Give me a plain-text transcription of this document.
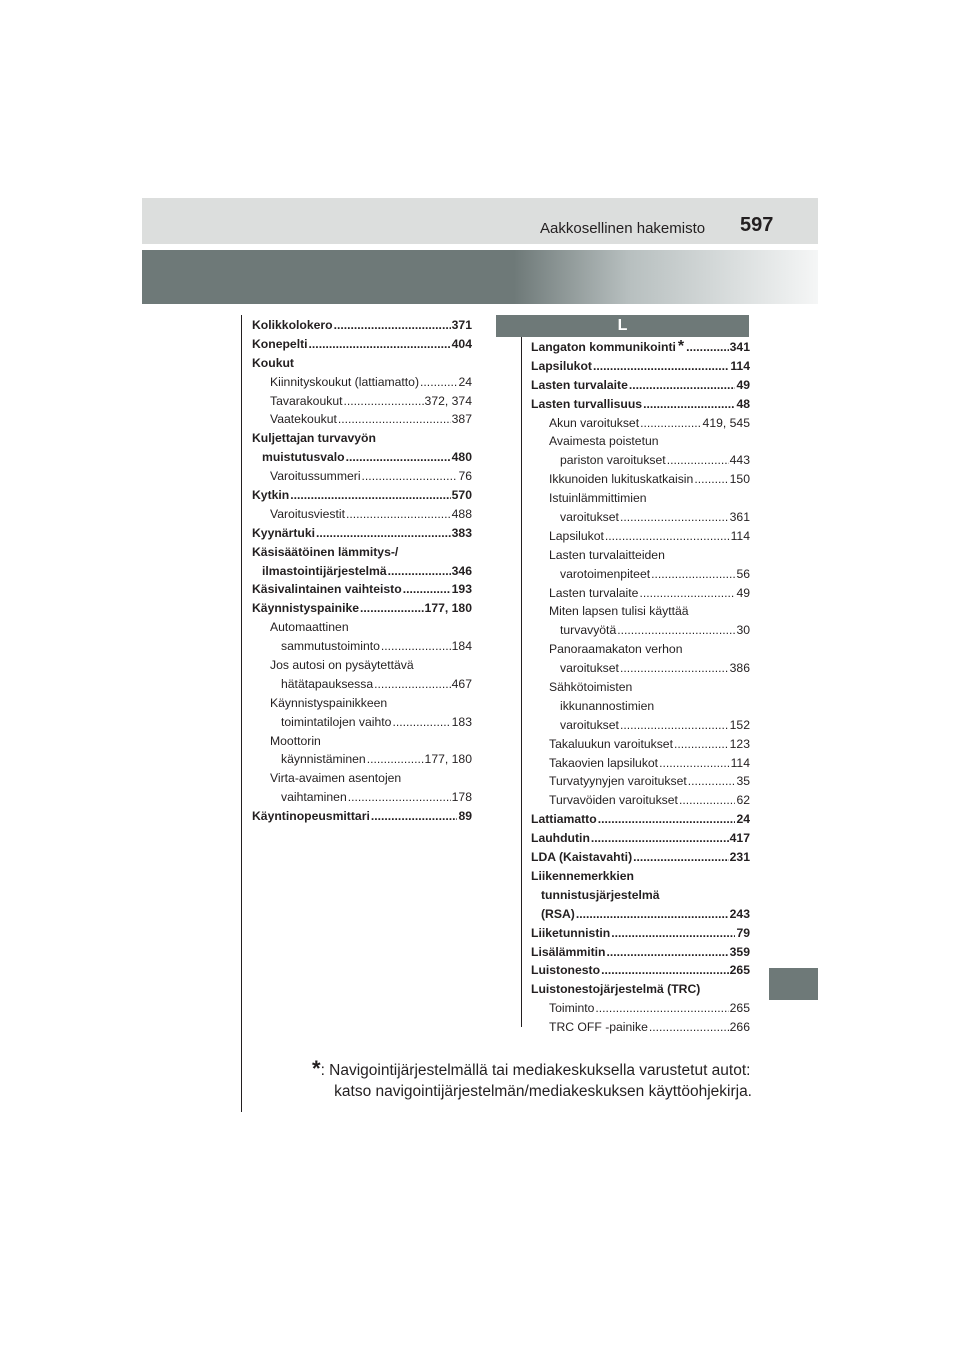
Aakkosellinen hakemisto 597
Kolikkolokero .....	371
Konepelti .....	404
Koukut
Kiinnityskoukut (lattiamatto) .....	24
Tavarakoukut .....	372, 374
Vaatekoukut .....	387
Kuljettajan turvavyön
muistutusvalo .....	480
Varoitussummeri .....	76
Kytkin .....	570
Varoitusviestit .....	488
Kyynärtuki .....	383
Käsisäätöinen lämmitys-/
ilmastointijärjestelmä .....	346
Käsivalintainen vaihteisto .....	193
Käynnistyspainike .....	177, 180
Automaattinen
sammutustoiminto .....	184
Jos autosi on pysäytettävä
hätätapauksessa .....	467
Käynnistyspainikkeen
toimintatilojen vaihto .....	183
Moottorin
käynnistäminen .....	177, 180
Virta-avaimen asentojen
vaihtaminen .....	178
Käyntinopeusmittari .....	89
L
Langaton kommunikointi * .....	341
Lapsilukot .....	114
Lasten turvalaite .....	49
Lasten turvallisuus .....	48
Akun varoitukset .....	419, 545
Avaimesta poistetun
pariston varoitukset .....	443
Ikkunoiden lukituskatkaisin .....	150
Istuinlämmittimien
varoitukset .....	361
Lapsilukot .....	114
Lasten turvalaitteiden
varotoimenpiteet .....	56
Lasten turvalaite .....	49
Miten lapsen tulisi käyttää
turvavyötä .....	30
Panoraamakaton verhon
varoitukset .....	386
Sähkötoimisten
ikkunannostimien
varoitukset .....	152
Takaluukun varoitukset .....	123
Takaovien lapsilukot .....	114
Turvatyynyjen varoitukset .....	35
Turvavöiden varoitukset .....	62
Lattiamatto .....	24
Lauhdutin .....	417
LDA (Kaistavahti) .....	231
Liikennemerkkien
tunnistusjärjestelmä
(RSA) .....	243
Liiketunnistin .....	79
Lisälämmitin .....	359
Luistonesto .....	265
Luistonestojärjestelmä (TRC)
Toiminto .....	265
TRC OFF -painike .....	266
*: Navigointijärjestelmällä tai mediakeskuksella varustetut autot:
katso navigointijärjestelmän/mediakeskuksen käyttöohjekirja.
